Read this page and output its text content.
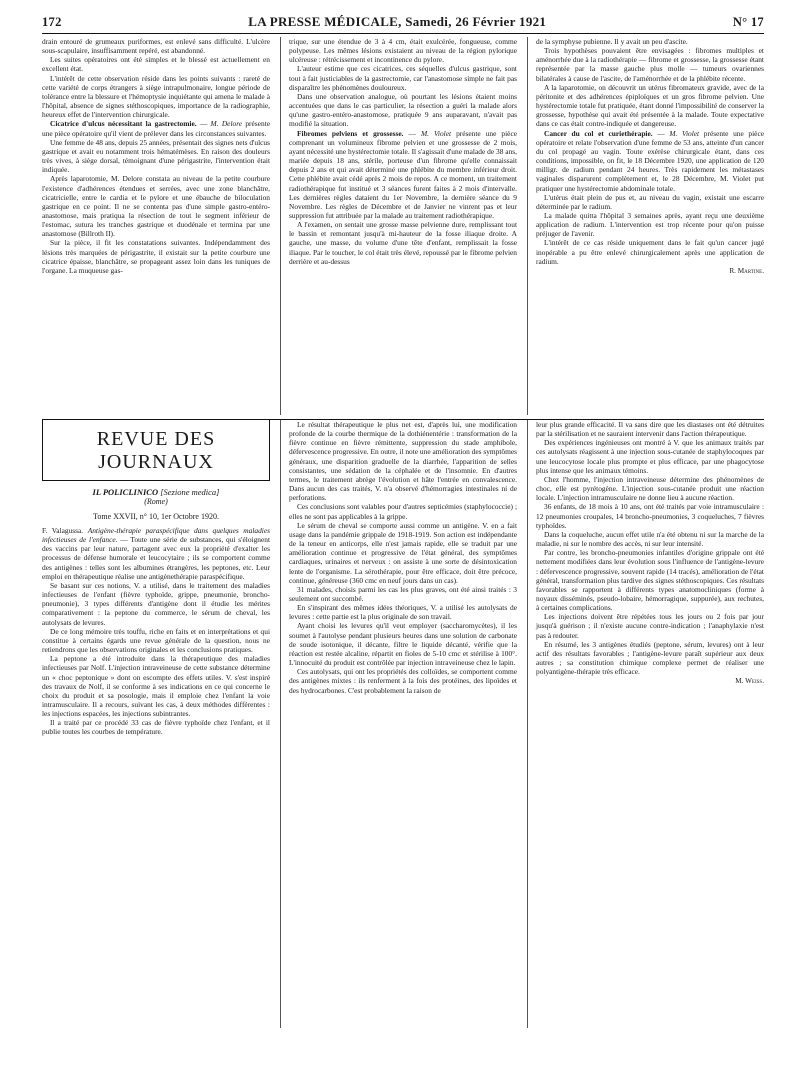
172	LA PRESSE MÉDICALE, Samedi, 26 Février 1921	N° 17

drain entouré de grumeaux puriformes, est enlevé sans difficulté. L'ulcère sous-scapulaire, insuffisamment repéré, est abandonné.

Les suites opératoires ont été simples et le blessé est actuellement en excellent état.

L'intérêt de cette observation réside dans les points suivants : rareté de cette variété de corps étrangers à siège intrapulmonaire, longue période de tolérance entre la blessure et l'hémoptysie inquiétante qui amena le malade à l'hôpital, absence de signes stéthoscopiques, importance de la radiographie, heureux effet de l'intervention chirurgicale.

Cicatrice d'ulcus nécessitant la gastrectomie. — M. Delore présente une pièce opératoire qu'il vient de prélever dans les circonstances suivantes.

Une femme de 48 ans, depuis 25 années, présentait des signes nets d'ulcus gastrique et avait eu notamment trois hématémèses. En raison des douleurs très vives, à siège dorsal, témoignant d'une périgastrite, l'intervention était indiquée.

Après laparotomie, M. Delore constata au niveau de la petite courbure l'existence d'adhérences étendues et serrées, avec une zone blanchâtre, cicatricielle, entre le cardia et le pylore et une ébauche de biloculation gastrique en ce point. Il ne se contenta pas d'une simple gastro-entéro-anastomose, mais pratiqua la résection de tout le segment inférieur de l'estomac, sutura les tranches gastrique et duodénale et termina par une anastomose (Billroth II).

Sur la pièce, il fit les constatations suivantes. Indépendamment des lésions très marquées de périgastrite, il existait sur la petite courbure une cicatrice épaisse, blanchâtre, se propageant assez loin dans les tuniques de l'organe. La muqueuse gas-

trique, sur une étendue de 3 à 4 cm, était exulcérée, fongueuse, comme polypeuse. Les mêmes lésions existaient au niveau de la région pylorique ulcéreuse : rétrécissement et incontinence du pylore.

L'auteur estime que ces cicatrices, ces séquelles d'ulcus gastrique, sont tout à fait justiciables de la gastrectomie, car l'anastomose simple ne fait pas disparaître les phénomènes douloureux.

Dans une observation analogue, où pourtant les lésions étaient moins accentuées que dans le cas particulier, la résection a guéri la malade alors qu'une gastro-entéro-anastomose, pratiquée 9 ans auparavant, n'avait pas modifié la situation.

Fibromes pelviens et grossesse. — M. Violet présente une pièce comprenant un volumineux fibrome pelvien et une grossesse de 2 mois, ayant nécessité une hystérectomie totale. Il s'agissait d'une malade de 38 ans, mariée depuis 18 ans, stérile, porteuse d'un fibrome qu'elle connaissait depuis 2 ans et qui avait déterminé une phlébite du membre inférieur droit. Cette phlébite avait cédé après 2 mois de repos. A ce moment, un traitement radiothérapique fut institué et 3 séances furent faites à 2 mois d'intervalle. Les dernières règles dataient du 1er Novembre, la dernière séance du 9 Novembre. Les règles de Décembre et de Janvier ne vinrent pas et leur suppression fut attribuée par la malade au traitement radiothérapique.

A l'examen, on sentait une grosse masse pelvienne dure, remplissant tout le bassin et remontant jusqu'à mi-hauteur de la fosse iliaque droite. A gauche, une masse, du volume d'une tête d'enfant, remplissait la fosse iliaque. Par le toucher, le col était très élevé, repoussé par le fibrome pelvien derrière et au-dessus

de la symphyse pubienne. Il y avait un peu d'ascite.

Trois hypothèses pouvaient être envisagées : fibromes multiples et aménorrhée due à la radiothérapie — fibrome et grossesse, la grossesse étant représentée par la masse gauche plus molle — tumeurs ovariennes bilatérales à cause de l'ascite, de l'aménorrhée et de la phlébite récente.

A la laparotomie, on découvrit un utérus fibromateux gravide, avec de la péritonite et des adhérences épiploïques et un gros fibrome pelvien. Une hystérectomie totale fut pratiquée, étant donné l'impossibilité de conserver la grossesse, hypothèse qui avait été présentée à la malade. Toute expectative dans ce cas était contre-indiquée et dangereuse.

Cancer du col et curiethérapie. — M. Violet présente une pièce opératoire et relate l'observation d'une femme de 53 ans, atteinte d'un cancer du col propagé au vagin. Toute exérèse chirurgicale étant, dans ces conditions, impossible, on fit, le 18 Décembre 1920, une application de 120 milligr. de radium pendant 24 heures. Très rapidement les métastases vaginales disparurent complètement et, le 28 Décembre, M. Violet put pratiquer une hystérectomie abdominale totale.

L'utérus était plein de pus et, au niveau du vagin, existait une escarre déterminée par le radium.

La malade quitta l'hôpital 3 semaines après, ayant reçu une deuxième application de radium. L'intervention est trop récente pour qu'on puisse préjuger de l'avenir.

L'intérêt de ce cas réside uniquement dans le fait qu'un cancer jugé inopérable a pu être enlevé chirurgicalement après une application de radium.

R. Martine.
REVUE DES JOURNAUX
IL POLICLINICO [Sezione medica]
(Rome)
Tome XXVII, n° 10, 1er Octobre 1920.

F. Valagussa. Antigène-thérapie paraspécifique dans quelques maladies infectieuses de l'enfance. — Toute une série de substances, qui s'éloignent des vaccins par leur nature, partagent avec eux la propriété d'exalter les processus de défense humorale et leucocytaire ; ils se comportent comme des antigènes : telles sont les albumines étrangères, les peptones, etc. Leur emploi en thérapeutique réalise une antigènethérapie paraspécifique.

Se basant sur ces notions, V. a utilisé, dans le traitement des maladies infectieuses de l'enfant (fièvre typhoïde, grippe, pneumonie, broncho-pneumonie), 3 types différents d'antigène dont il étudie les mérites comparativement : la peptone du commerce, le sérum de cheval, les autolysats de levures.

De ce long mémoire très touffu, riche en faits et en interprétations et qui constitue à certains égards une revue générale de la question, nous ne retiendrons que les observations originales et les conclusions pratiques.

La peptone a été introduite dans la thérapeutique des maladies infectieuses par Nolf. L'injection intraveineuse de cette substance détermine un « choc peptonique » dont on escompte des effets utiles. V. s'est inspiré des travaux de Nolf, il se conforme à ses indications en ce qui concerne le choix du produit et sa posologie, mais il emploie chez l'enfant la voie intramusculaire. Il a recours, suivant les cas, à deux méthodes différentes : les injections espacées, les injections subintrantes.

Il a traité par ce procédé 33 cas de fièvre typhoïde chez l'enfant, et il publie toutes les courbes de température.

Le résultat thérapeutique le plus net est, d'après lui, une modification profonde de la courbe thermique de la dothiénentérie : transformation de la fièvre continue en fièvre rémittente, suppression du stade amphibole, défervescence progressive. En outre, il note une amélioration des symptômes généraux, une disparition graduelle de la diarrhée, l'apparition de selles consistantes, une sédation de la céphalée et de l'insomnie. En d'autres termes, le traitement abrège l'évolution et hâte l'entrée en convalescence. Dans aucun des cas traités, V. n'a observé d'hémorragies intestinales ni de perforations.

Ces conclusions sont valables pour d'autres septicémies (staphylococcie) ; elles ne sont pas applicables à la grippe.

Le sérum de cheval se comporte aussi comme un antigène. V. en a fait usage dans la pandémie grippale de 1918-1919. Son action est indépendante de la teneur en anticorps, elle n'est jamais rapide, elle se traduit par une amélioration continue et progressive de l'état général, des symptômes cardiaques, urinaires et nerveux : on assiste à une sorte de désintoxication lente de l'organisme. La sérothérapie, pour être efficace, doit être précoce, continue, généreuse (360 cmc en neuf jours dans un cas).

31 malades, choisis parmi les cas les plus graves, ont été ainsi traités : 3 seulement ont succombé.

En s'inspirant des mêmes idées théoriques, V. a utilisé les autolysats de levures : cette partie est la plus originale de son travail.

Ayant choisi les levures qu'il veut employer (saccharomycètes), il les soumet à l'autolyse pendant plusieurs heures dans une solution de carbonate de soude isotonique, il décante, filtre le liquide décanté, vérifie que la réaction est restée alcaline, répartit en fioles de 5-10 cmc et stérilise à 100°. L'innocuité du produit est contrôlée par injection intraveineuse chez le lapin.

Ces autolysats, qui ont les propriétés des colloïdes, se comportent comme des antigènes mixtes : ils renferment à la fois des protéines, des lipoïdes et des hydrocarbones. C'est probablement la raison de

leur plus grande efficacité. Il va sans dire que les diastases ont été détruites par la stérilisation et ne sauraient intervenir dans l'action thérapeutique.

Des expériences ingénieuses ont montré à V. que les animaux traités par ces autolysats réagissent à une injection sous-cutanée de staphylocoques par une leucocytose locale plus prompte et plus efficace, par une phagocytose plus intense que les animaux témoins.

Chez l'homme, l'injection intraveineuse détermine des phénomènes de choc, elle est pyrétogène. L'injection sous-cutanée produit une réaction locale. L'injection intramusculaire ne donne lieu à aucune réaction.

36 enfants, de 18 mois à 10 ans, ont été traités par voie intramusculaire : 12 pneumonies croupales, 14 broncho-pneumonies, 3 coqueluches, 7 fièvres typhoïdes.

Dans la coqueluche, aucun effet utile n'a été obtenu ni sur la marche de la maladie, ni sur le nombre des accès, ni sur leur intensité.

Par contre, les broncho-pneumonies infantiles d'origine grippale ont été nettement modifiées dans leur évolution sous l'influence de l'antigène-levure : défervescence progressive, souvent rapide (14 tracés), amélioration de l'état général, transformation plus tardive des signes stéthoscopiques. Ces résultats favorables se rapportent à différents types anatomocliniques (forme à noyaux disséminés, pseudo-lobaire, hémorragique, suppurée), aux rechutes, à certaines complications.

Les injections doivent être répétées tous les jours ou 2 fois par jour jusqu'à guérison ; il n'existe aucune contre-indication ; l'anaphylaxie n'est pas à redouter.

En résumé, les 3 antigènes étudiés (peptone, sérum, levures) ont à leur actif des résultats favorables ; l'antigène-levure paraît supérieur aux deux autres ; sa constitution chimique complexe permet de réaliser une polyantigène-thérapie très efficace.

M. Weiss.
